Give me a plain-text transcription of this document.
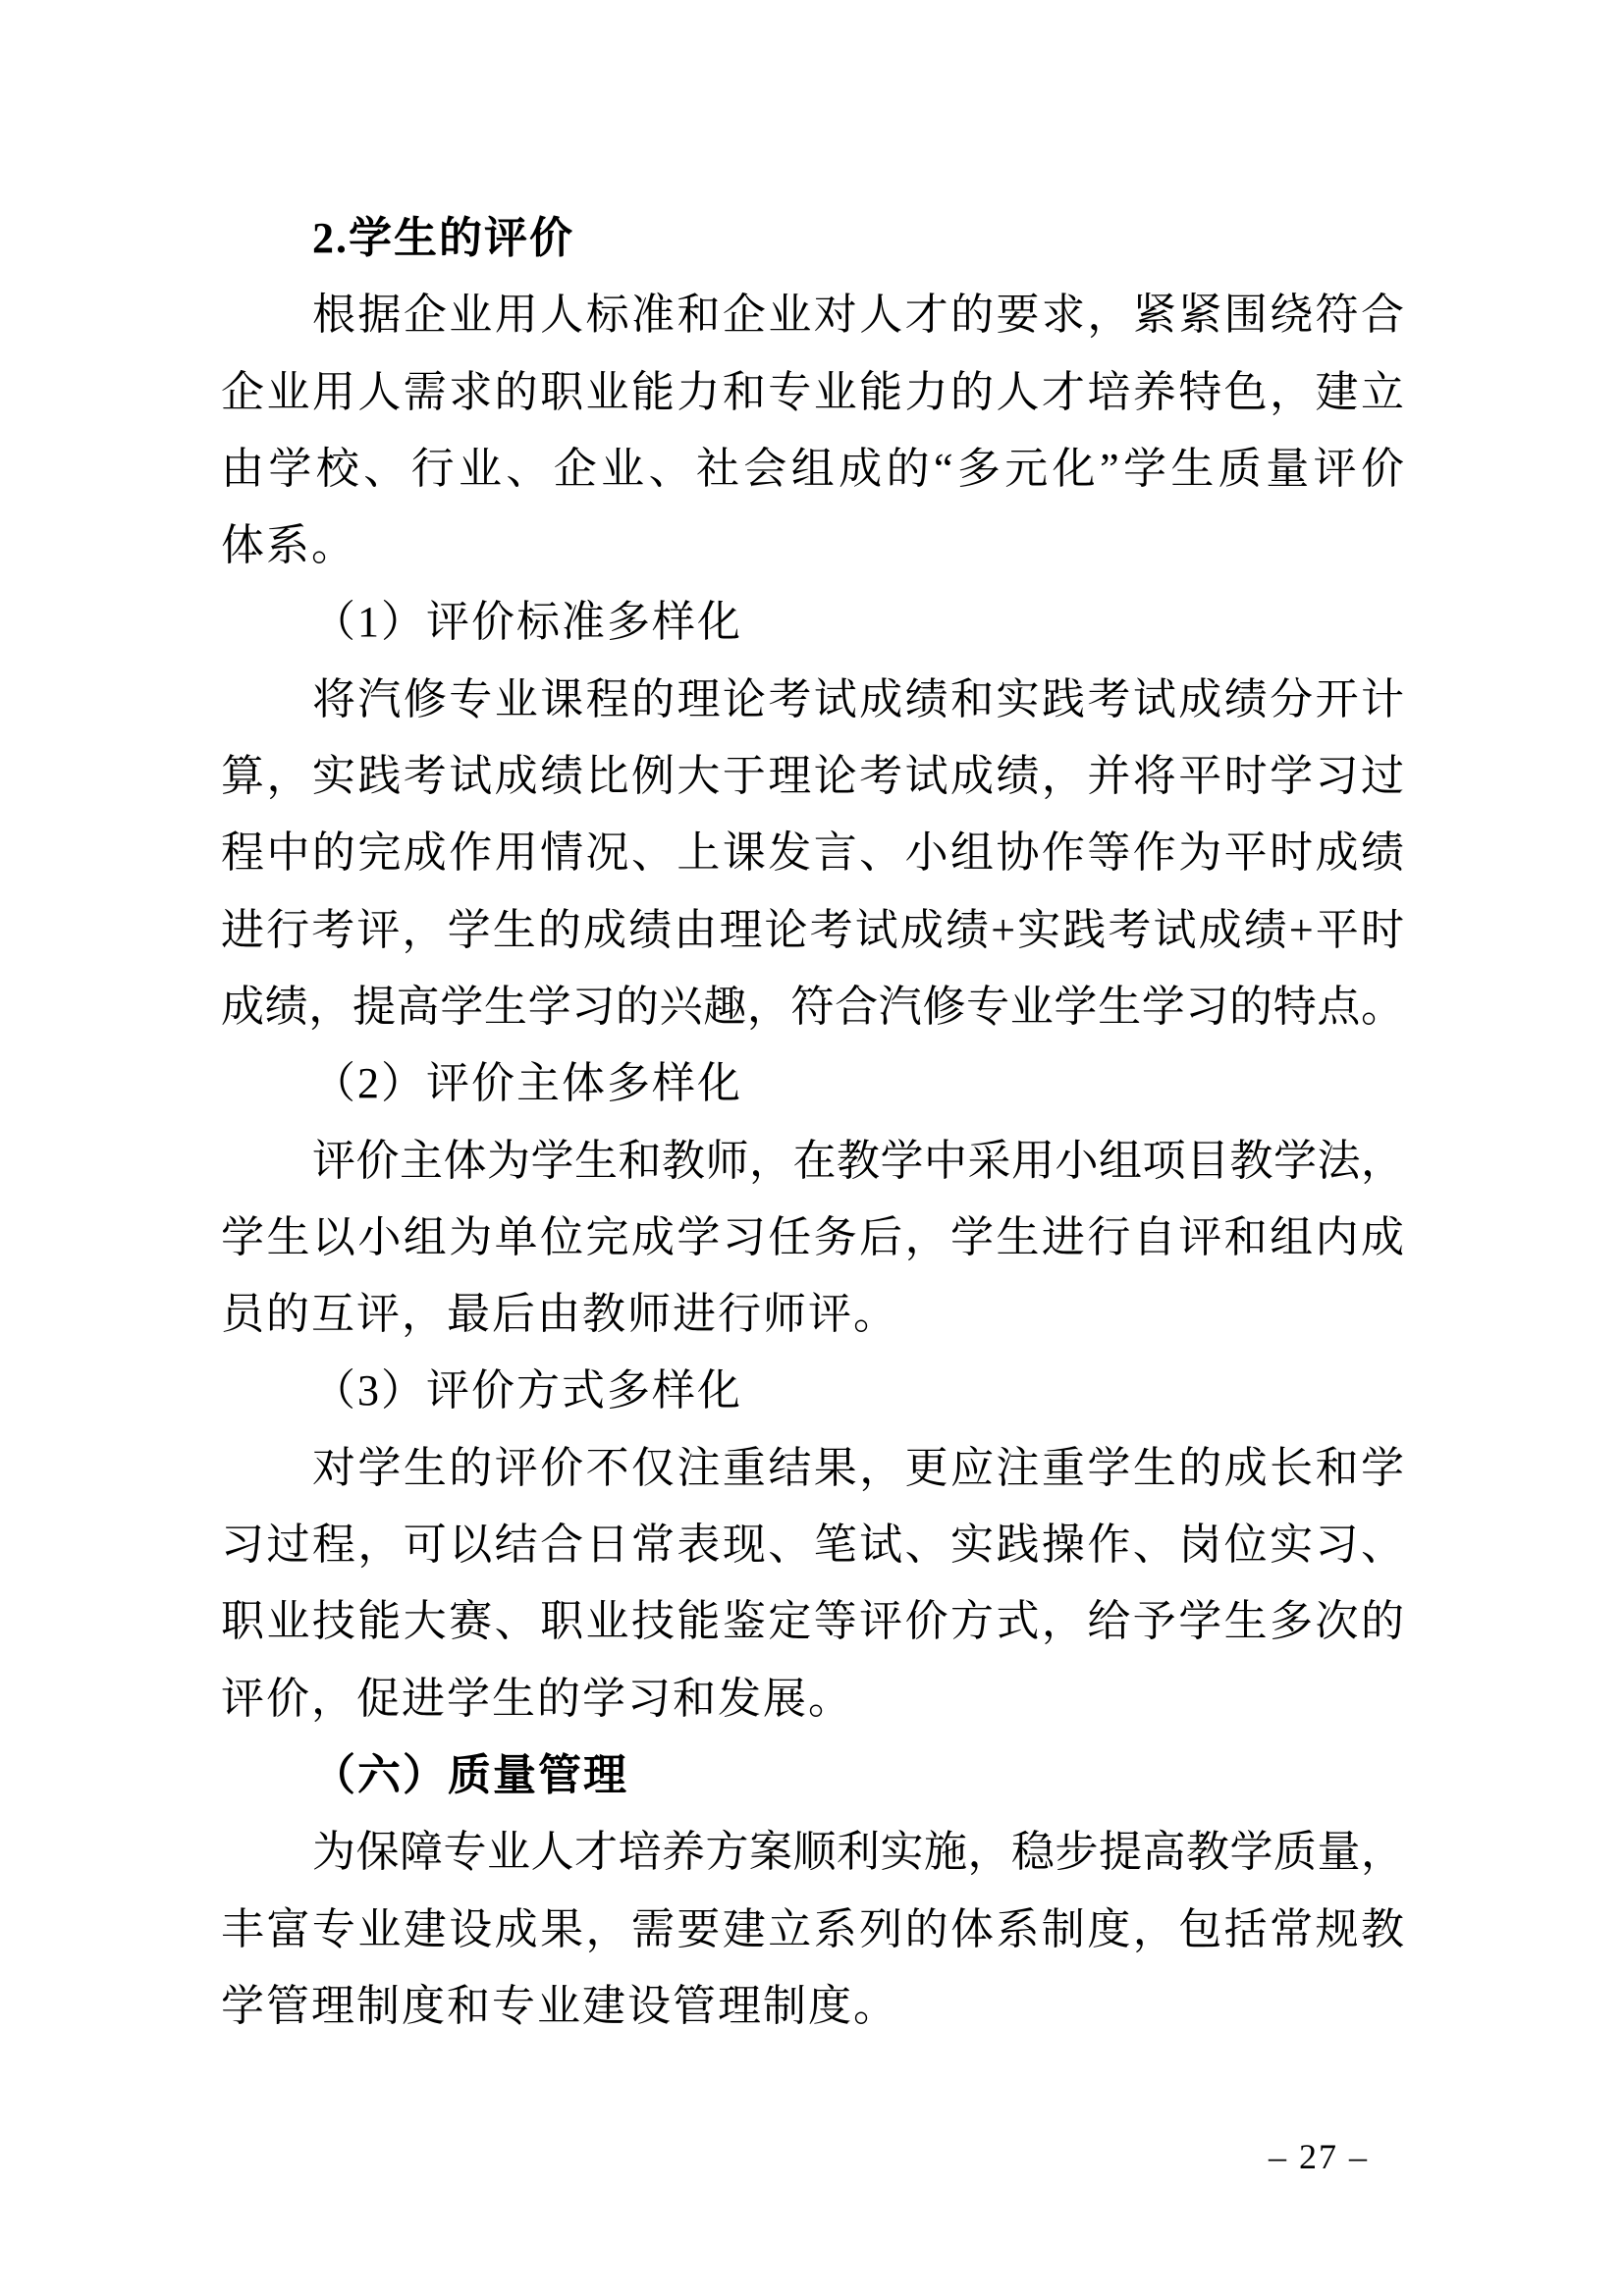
2.学生的评价
根据企业用人标准和企业对人才的要求，紧紧围绕符合
企业用人需求的职业能力和专业能力的人才培养特色，建立
由学校、行业、企业、社会组成的“多元化”学生质量评价
体系。
（1）评价标准多样化
将汽修专业课程的理论考试成绩和实践考试成绩分开计
算，实践考试成绩比例大于理论考试成绩，并将平时学习过
程中的完成作用情况、上课发言、小组协作等作为平时成绩
进行考评，学生的成绩由理论考试成绩+实践考试成绩+平时
成绩，提高学生学习的兴趣，符合汽修专业学生学习的特点。
（2）评价主体多样化
评价主体为学生和教师，在教学中采用小组项目教学法，
学生以小组为单位完成学习任务后，学生进行自评和组内成
员的互评，最后由教师进行师评。
（3）评价方式多样化
对学生的评价不仅注重结果，更应注重学生的成长和学
习过程，可以结合日常表现、笔试、实践操作、岗位实习、
职业技能大赛、职业技能鉴定等评价方式，给予学生多次的
评价，促进学生的学习和发展。
（六）质量管理
为保障专业人才培养方案顺利实施，稳步提高教学质量，
丰富专业建设成果，需要建立系列的体系制度，包括常规教
学管理制度和专业建设管理制度。
– 27 –
